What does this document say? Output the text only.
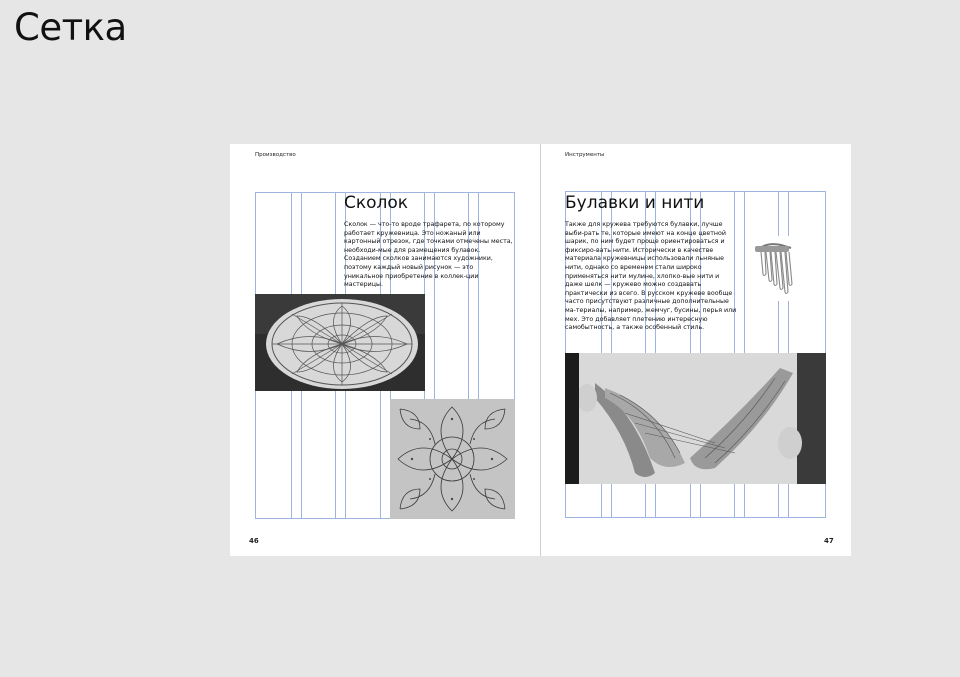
Сетка
Производство
Сколок
Сколок — что-то вроде трафарета, по которому работает кружевница. Это ножаный или картонный отрезок, где точками отмечены места, необходи-мые для размещения булавок. Созданием сколков занимаются художники, поэтому каждый новый рисунок — это уникальное приобретение в коллек-ции мастерицы.
46
Инструменты
Булавки и нити
Также для кружева требуются булавки, лучше выби-рать те, которые имеют на конце цветной шарик, по ним будет проще ориентироваться и фиксиро-вать нити. Исторически в качестве материала кружевницы использовали льняные нити, однако со временем стали широко применяться нити мулине, хлопко-вые нити и даже шелк — кружево можно создавать практически из всего. В русском кружеве вообще часто присутствуют различные дополнительные ма-териалы, например, жемчуг, бусины, перья или мех. Это добавляет плетению интересную самобытность, а также особенный стиль.
47
